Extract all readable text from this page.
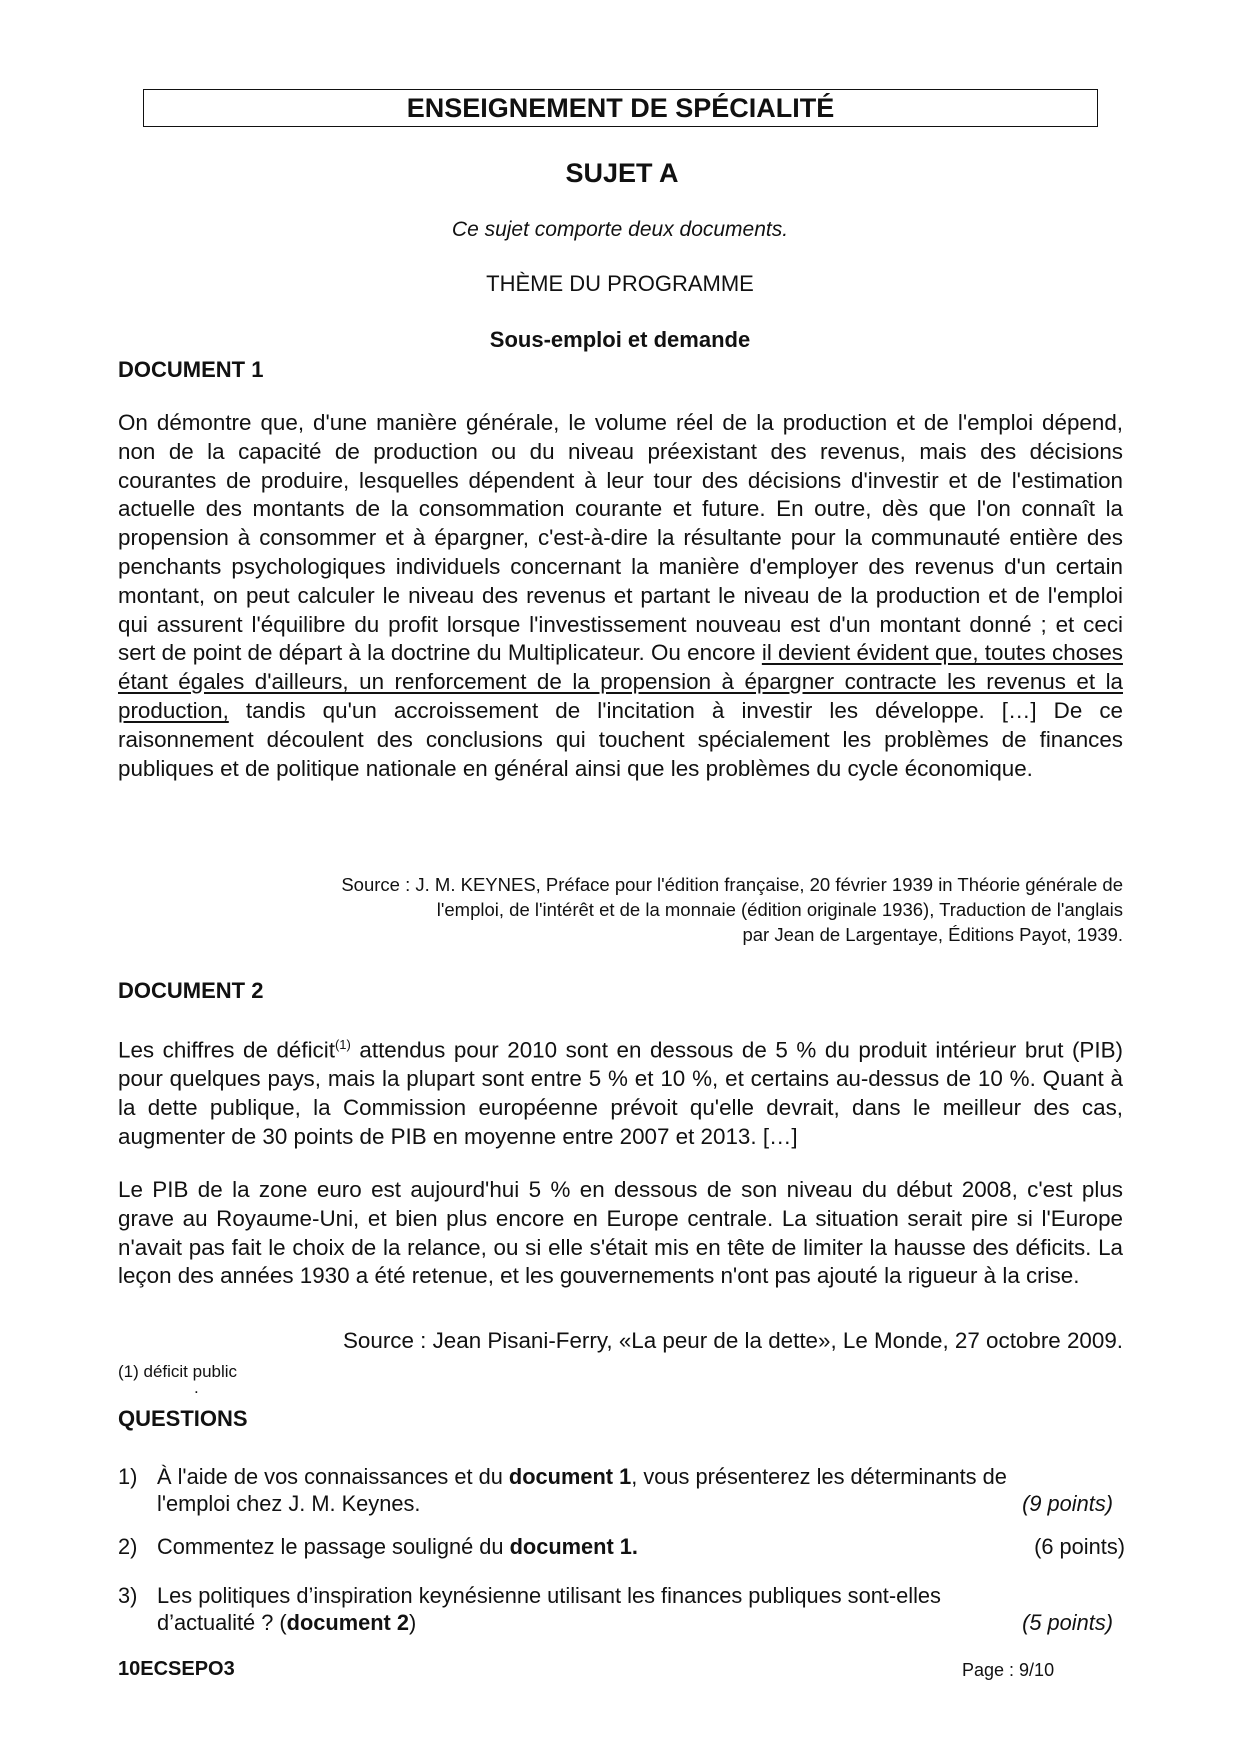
ENSEIGNEMENT DE SPÉCIALITÉ
SUJET A
Ce sujet comporte deux documents.
THÈME DU PROGRAMME
Sous-emploi et demande
DOCUMENT 1
On démontre que, d'une manière générale, le volume réel de la production et de l'emploi dépend, non de la capacité de production ou du niveau préexistant des revenus, mais des décisions courantes de produire, lesquelles dépendent à leur tour des décisions d'investir et de l'estimation actuelle des montants de la consommation courante et future. En outre, dès que l'on connaît la propension à consommer et à épargner, c'est-à-dire la résultante pour la communauté entière des penchants psychologiques individuels concernant la manière d'employer des revenus d'un certain montant, on peut calculer le niveau des revenus et partant le niveau de la production et de l'emploi qui assurent l'équilibre du profit lorsque l'investissement nouveau est d'un montant donné ; et ceci sert de point de départ à la doctrine du Multiplicateur. Ou encore il devient évident que, toutes choses étant égales d'ailleurs, un renforcement de la propension à épargner contracte les revenus et la production, tandis qu'un accroissement de l'incitation à investir les développe. […] De ce raisonnement découlent des conclusions qui touchent spécialement les problèmes de finances publiques et de politique nationale en général ainsi que les problèmes du cycle économique.
Source : J. M. KEYNES, Préface pour l'édition française, 20 février 1939 in Théorie générale de
l'emploi, de l'intérêt et de la monnaie (édition originale 1936), Traduction de l'anglais
par Jean de Largentaye, Éditions Payot, 1939.
DOCUMENT 2
Les chiffres de déficit$^{(1)}$ attendus pour 2010 sont en dessous de 5 % du produit intérieur brut (PIB) pour quelques pays, mais la plupart sont entre 5 % et 10 %, et certains au-dessus de 10 %. Quant à la dette publique, la Commission européenne prévoit qu'elle devrait, dans le meilleur des cas, augmenter de 30 points de PIB en moyenne entre 2007 et 2013. […]
Le PIB de la zone euro est aujourd'hui 5 % en dessous de son niveau du début 2008, c'est plus grave au Royaume-Uni, et bien plus encore en Europe centrale. La situation serait pire si l'Europe n'avait pas fait le choix de la relance, ou si elle s'était mis en tête de limiter la hausse des déficits. La leçon des années 1930 a été retenue, et les gouvernements n'ont pas ajouté la rigueur à la crise.
Source : Jean Pisani-Ferry, «La peur de la dette», Le Monde, 27 octobre 2009.
(1) déficit public
.
QUESTIONS
1) À l'aide de vos connaissances et du document 1, vous présenterez les déterminants de
l'emploi chez J. M. Keynes.	(9 points)
2) Commentez le passage souligné du document 1.	(6 points)
3) Les politiques d’inspiration keynésienne utilisant les finances publiques sont-elles
d’actualité ? (document 2)	(5 points)
10ECSEPO3	Page : 9/10
